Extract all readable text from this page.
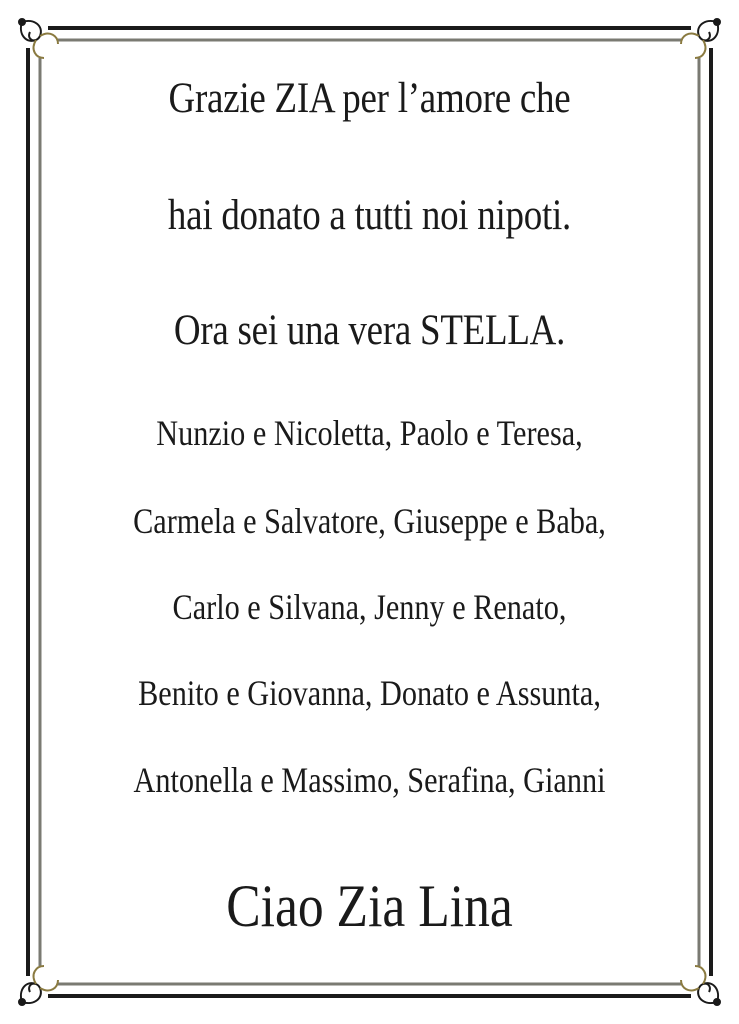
Grazie ZIA per l’amore che
hai donato a tutti noi nipoti.
Ora sei una vera STELLA.
Nunzio e Nicoletta, Paolo e Teresa,
Carmela e Salvatore, Giuseppe e Baba,
Carlo e Silvana, Jenny e Renato,
Benito e Giovanna, Donato e Assunta,
Antonella e Massimo, Serafina, Gianni
Ciao Zia Lina
